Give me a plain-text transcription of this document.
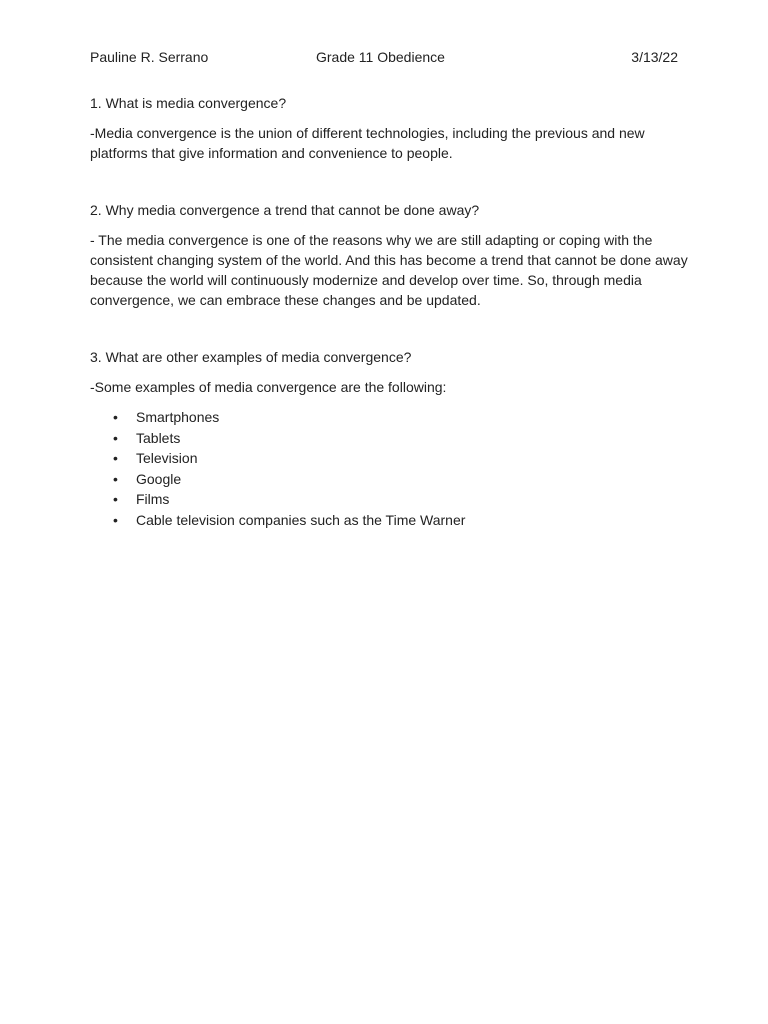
Pauline R. Serrano	Grade 11 Obedience	3/13/22

1. What is media convergence?

-Media convergence is the union of different technologies, including the previous and new platforms that give information and convenience to people.

2. Why media convergence a trend that cannot be done away?

- The media convergence is one of the reasons why we are still adapting or coping with the consistent changing system of the world. And this has become a trend that cannot be done away because the world will continuously modernize and develop over time. So, through media convergence, we can embrace these changes and be updated.

3. What are other examples of media convergence?

-Some examples of media convergence are the following:

• Smartphones
• Tablets
• Television
• Google
• Films
• Cable television companies such as the Time Warner
